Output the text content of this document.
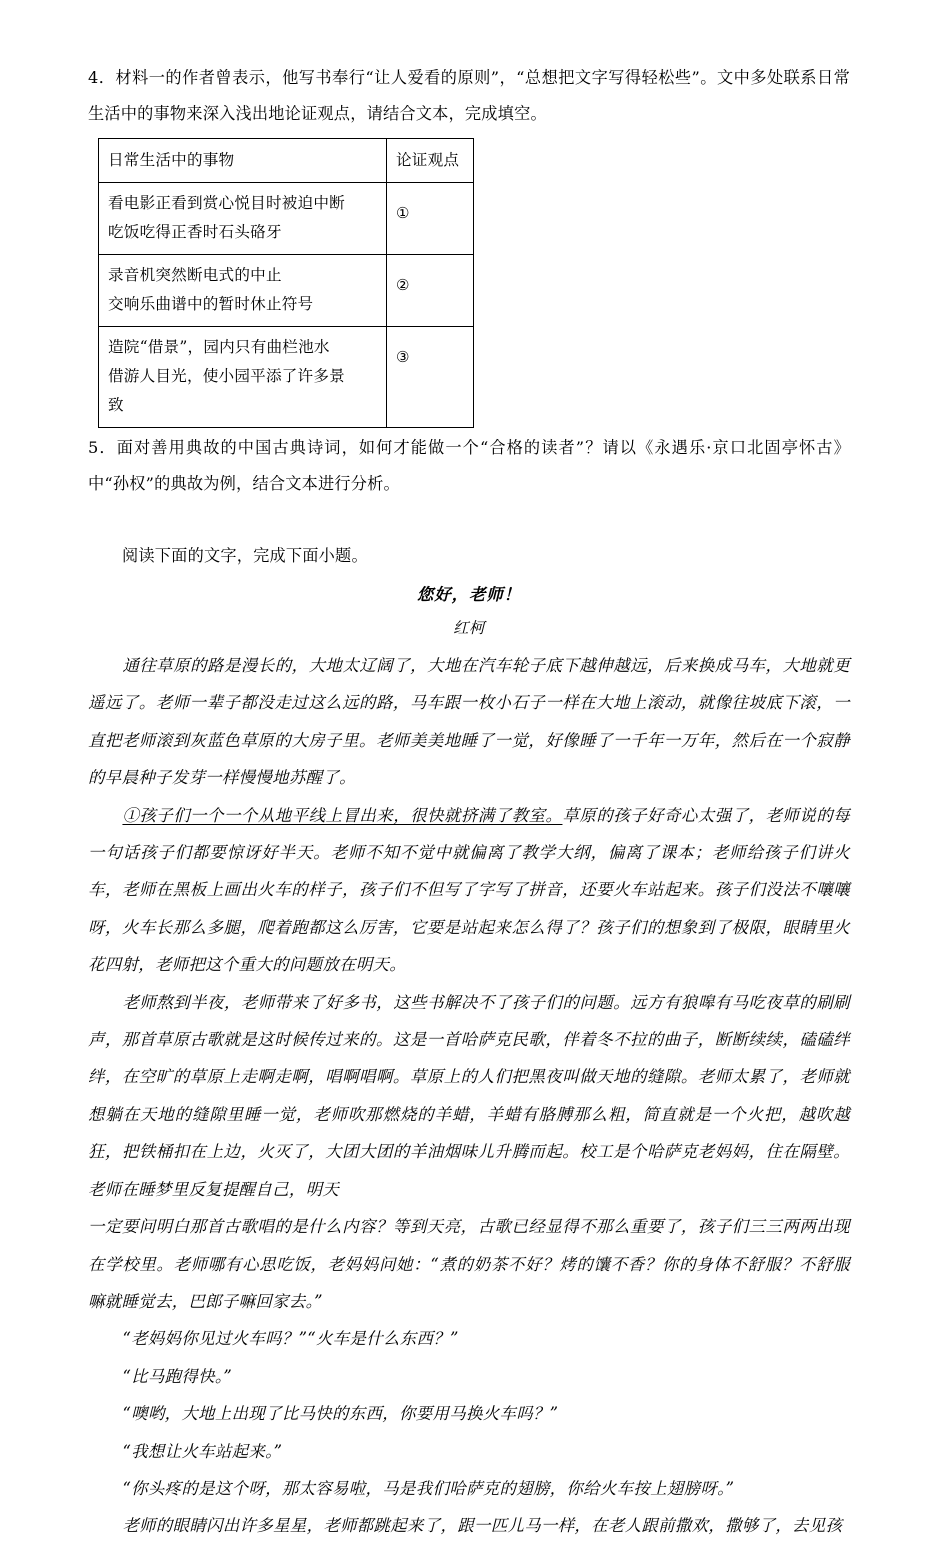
4．材料一的作者曾表示，他写书奉行“让人爱看的原则”，“总想把文字写得轻松些”。文中多处联系日常生活中的事物来深入浅出地论证观点，请结合文本，完成填空。

日常生活中的事物	论证观点

看电影正看到赏心悦目时被迫中断
吃饭吃得正香时石头硌牙	①

录音机突然断电式的中止
交响乐曲谱中的暂时休止符号	②

造院“借景”，园内只有曲栏池水
借游人目光，使小园平添了许多景
致	③

5．面对善用典故的中国古典诗词，如何才能做一个“合格的读者”？请以《永遇乐·京口北固亭怀古》中“孙权”的典故为例，结合文本进行分析。

阅读下面的文字，完成下面小题。

您好，老师！

红柯

通往草原的路是漫长的，大地太辽阔了，大地在汽车轮子底下越伸越远，后来换成马车，大地就更遥远了。老师一辈子都没走过这么远的路，马车跟一枚小石子一样在大地上滚动，就像往坡底下滚，一直把老师滚到灰蓝色草原的大房子里。老师美美地睡了一觉，好像睡了一千年一万年，然后在一个寂静的早晨种子发芽一样慢慢地苏醒了。

①孩子们一个一个从地平线上冒出来，很快就挤满了教室。草原的孩子好奇心太强了，老师说的每一句话孩子们都要惊讶好半天。老师不知不觉中就偏离了教学大纲，偏离了课本；老师给孩子们讲火车，老师在黑板上画出火车的样子，孩子们不但写了字写了拼音，还要火车站起来。孩子们没法不嚷嚷呀，火车长那么多腿，爬着跑都这么厉害，它要是站起来怎么得了？孩子们的想象到了极限，眼睛里火花四射，老师把这个重大的问题放在明天。

老师熬到半夜，老师带来了好多书，这些书解决不了孩子们的问题。远方有狼嗥有马吃夜草的刷刷声，那首草原古歌就是这时候传过来的。这是一首哈萨克民歌，伴着冬不拉的曲子，断断续续，磕磕绊绊，在空旷的草原上走啊走啊，唱啊唱啊。草原上的人们把黑夜叫做天地的缝隙。老师太累了，老师就想躺在天地的缝隙里睡一觉，老师吹那燃烧的羊蜡，羊蜡有胳膊那么粗，简直就是一个火把，越吹越狂，把铁桶扣在上边，火灭了，大团大团的羊油烟味儿升腾而起。校工是个哈萨克老妈妈，住在隔壁。老师在睡梦里反复提醒自己，明天

一定要问明白那首古歌唱的是什么内容？等到天亮，古歌已经显得不那么重要了，孩子们三三两两出现在学校里。老师哪有心思吃饭，老妈妈问她：“煮的奶茶不好？烤的馕不香？你的身体不舒服？不舒服嘛就睡觉去，巴郎子嘛回家去。”

“老妈妈你见过火车吗？”“火车是什么东西？”

“比马跑得快。”

“噢哟，大地上出现了比马快的东西，你要用马换火车吗？”

“我想让火车站起来。”

“你头疼的是这个呀，那太容易啦，马是我们哈萨克的翅膀，你给火车按上翅膀呀。”

老师的眼睛闪出许多星星，老师都跳起来了，跟一匹儿马一样，在老人跟前撒欢，撒够了，去见孩
